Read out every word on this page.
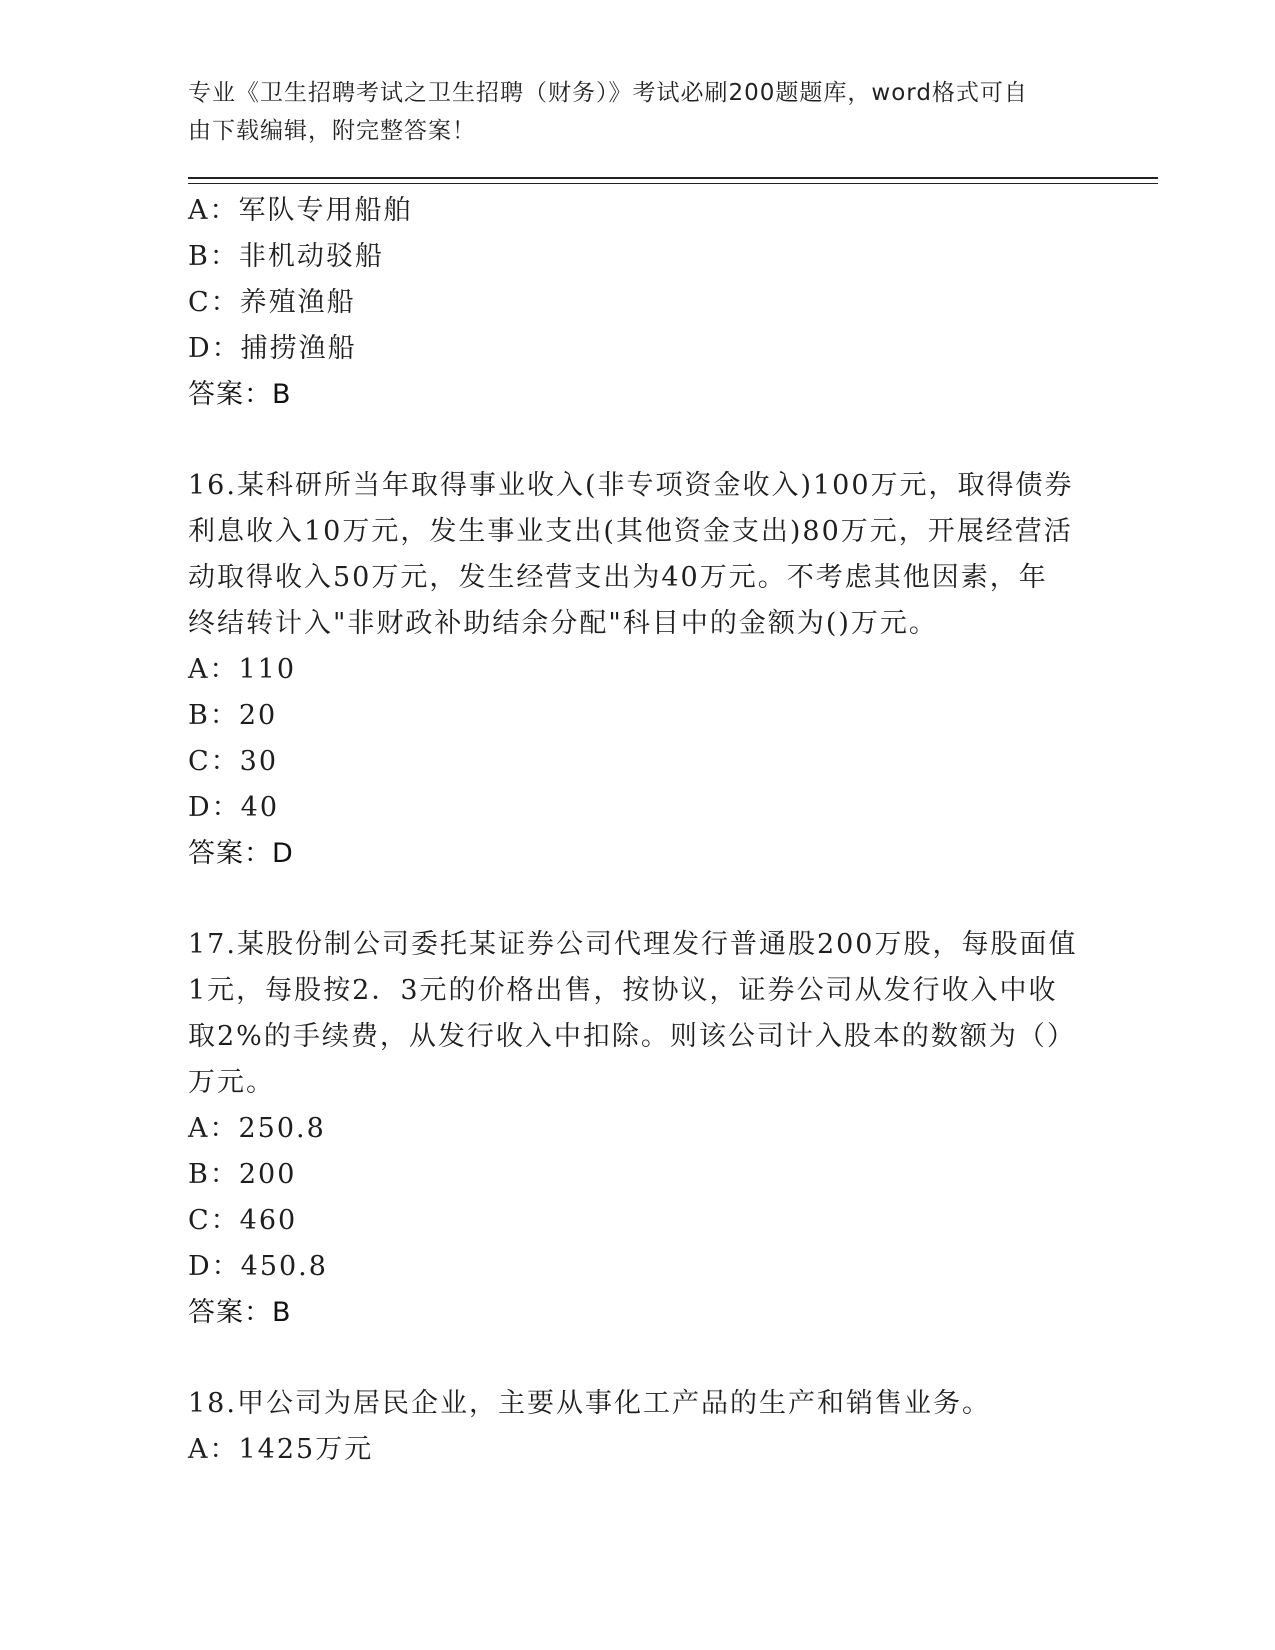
专业《卫生招聘考试之卫生招聘（财务）》考试必刷200题题库，word格式可自
由下载编辑，附完整答案！
A：军队专用船舶
B：非机动驳船
C：养殖渔船
D：捕捞渔船
答案：B
16.某科研所当年取得事业收入(非专项资金收入)100万元，取得债券
利息收入10万元，发生事业支出(其他资金支出)80万元，开展经营活
动取得收入50万元，发生经营支出为40万元。不考虑其他因素，年
终结转计入"非财政补助结余分配"科目中的金额为()万元。
A：110
B：20
C：30
D：40
答案：D
17.某股份制公司委托某证券公司代理发行普通股200万股，每股面值
1元，每股按2．3元的价格出售，按协议，证券公司从发行收入中收
取2%的手续费，从发行收入中扣除。则该公司计入股本的数额为（）
万元。
A：250.8
B：200
C：460
D：450.8
答案：B
18.甲公司为居民企业，主要从事化工产品的生产和销售业务。
A：1425万元
